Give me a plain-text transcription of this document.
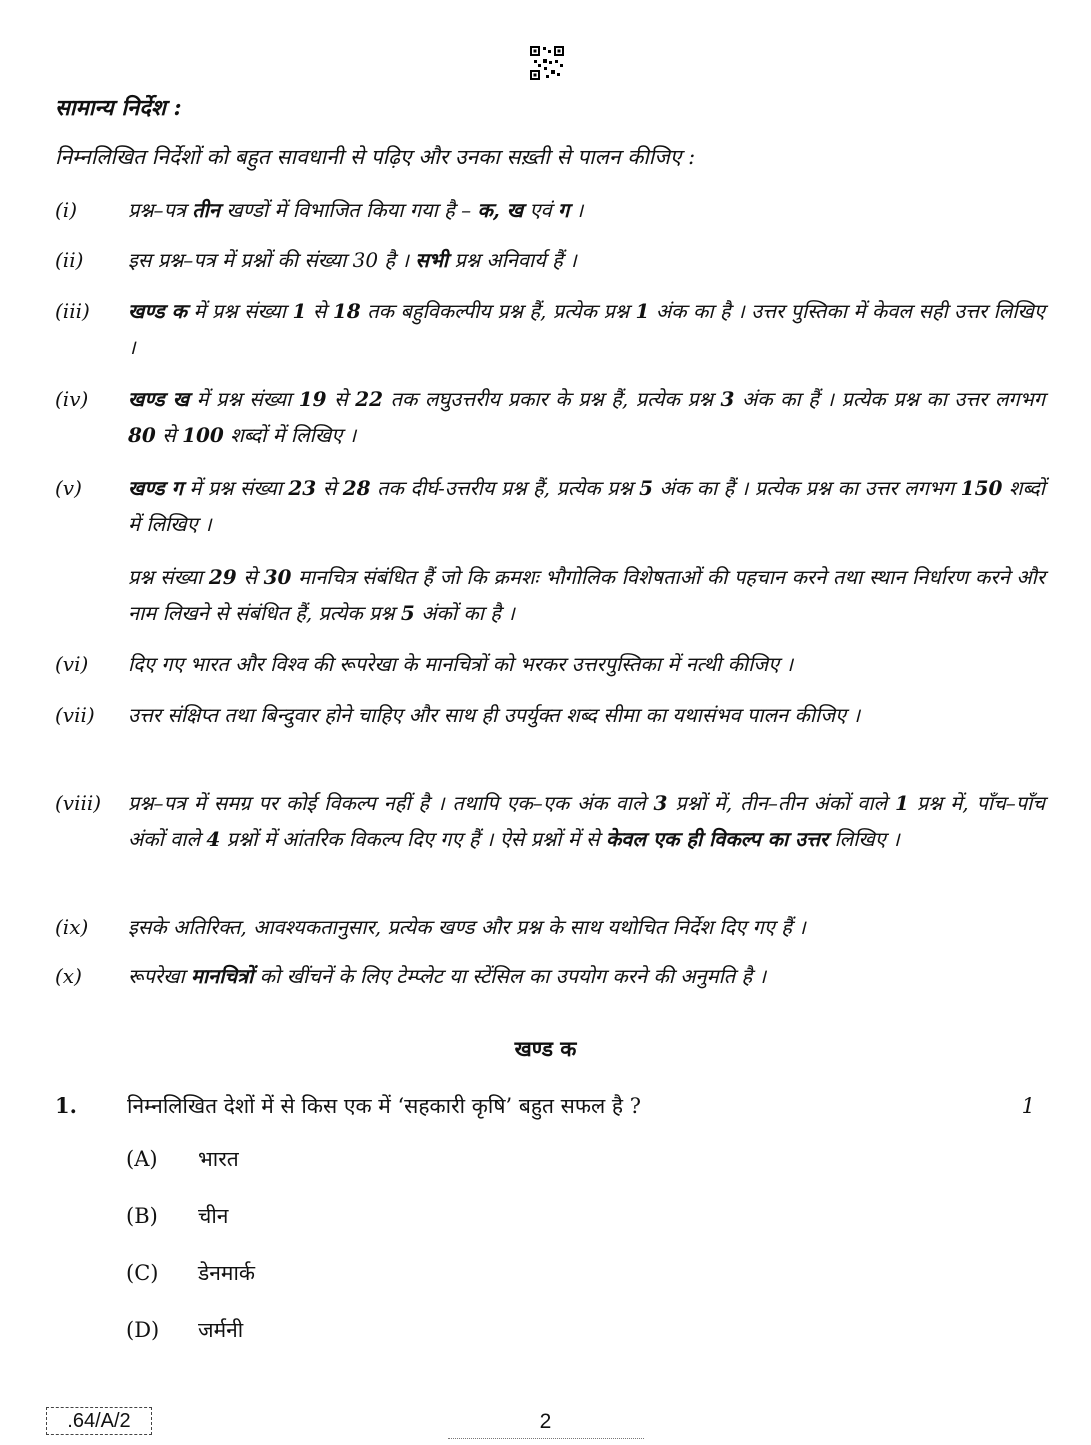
सामान्य निर्देश :
निम्नलिखित निर्देशों को बहुत सावधानी से पढ़िए और उनका सख़्ती से पालन कीजिए :
(i)	प्रश्न–पत्र तीन खण्डों में विभाजित किया गया है – क, ख एवं ग ।
(ii)	इस प्रश्न–पत्र में प्रश्नों की संख्या 30 है । सभी प्रश्न अनिवार्य हैं ।
(iii)	खण्ड क में प्रश्न संख्या 1 से 18 तक बहुविकल्पीय प्रश्न हैं, प्रत्येक प्रश्न 1 अंक का है । उत्तर पुस्तिका में केवल सही उत्तर लिखिए ।
(iv)	खण्ड ख में प्रश्न संख्या 19 से 22 तक लघुउत्तरीय प्रकार के प्रश्न हैं, प्रत्येक प्रश्न 3 अंक का हैं । प्रत्येक प्रश्न का उत्तर लगभग 80 से 100 शब्दों में लिखिए ।
(v)	खण्ड ग में प्रश्न संख्या 23 से 28 तक दीर्घ-उत्तरीय प्रश्न हैं, प्रत्येक प्रश्न 5 अंक का हैं । प्रत्येक प्रश्न का उत्तर लगभग 150 शब्दों में लिखिए ।
प्रश्न संख्या 29 से 30 मानचित्र संबंधित हैं जो कि क्रमशः भौगोलिक विशेषताओं की पहचान करने तथा स्थान निर्धारण करने और नाम लिखने से संबंधित हैं, प्रत्येक प्रश्न 5 अंकों का है ।
(vi)	दिए गए भारत और विश्व की रूपरेखा के मानचित्रों को भरकर उत्तरपुस्तिका में नत्थी कीजिए ।
(vii)	उत्तर संक्षिप्त तथा बिन्दुवार होने चाहिए और साथ ही उपर्युक्त शब्द सीमा का यथासंभव पालन कीजिए ।
(viii)	प्रश्न–पत्र में समग्र पर कोई विकल्प नहीं है । तथापि एक–एक अंक वाले 3 प्रश्नों में, तीन–तीन अंकों वाले 1 प्रश्न में, पाँच–पाँच अंकों वाले 4 प्रश्नों में आंतरिक विकल्प दिए गए हैं । ऐसे प्रश्नों में से केवल एक ही विकल्प का उत्तर लिखिए ।
(ix)	इसके अतिरिक्त, आवश्यकतानुसार, प्रत्येक खण्ड और प्रश्न के साथ यथोचित निर्देश दिए गए हैं ।
(x)	रूपरेखा मानचित्रों को खींचनें के लिए टेम्प्लेट या स्टेंसिल का उपयोग करने की अनुमति है ।
खण्ड क
1. निम्नलिखित देशों में से किस एक में ‘सहकारी कृषि’ बहुत सफल है ?	1
(A) भारत
(B) चीन
(C) डेनमार्क
(D) जर्मनी
.64/A/2	2
